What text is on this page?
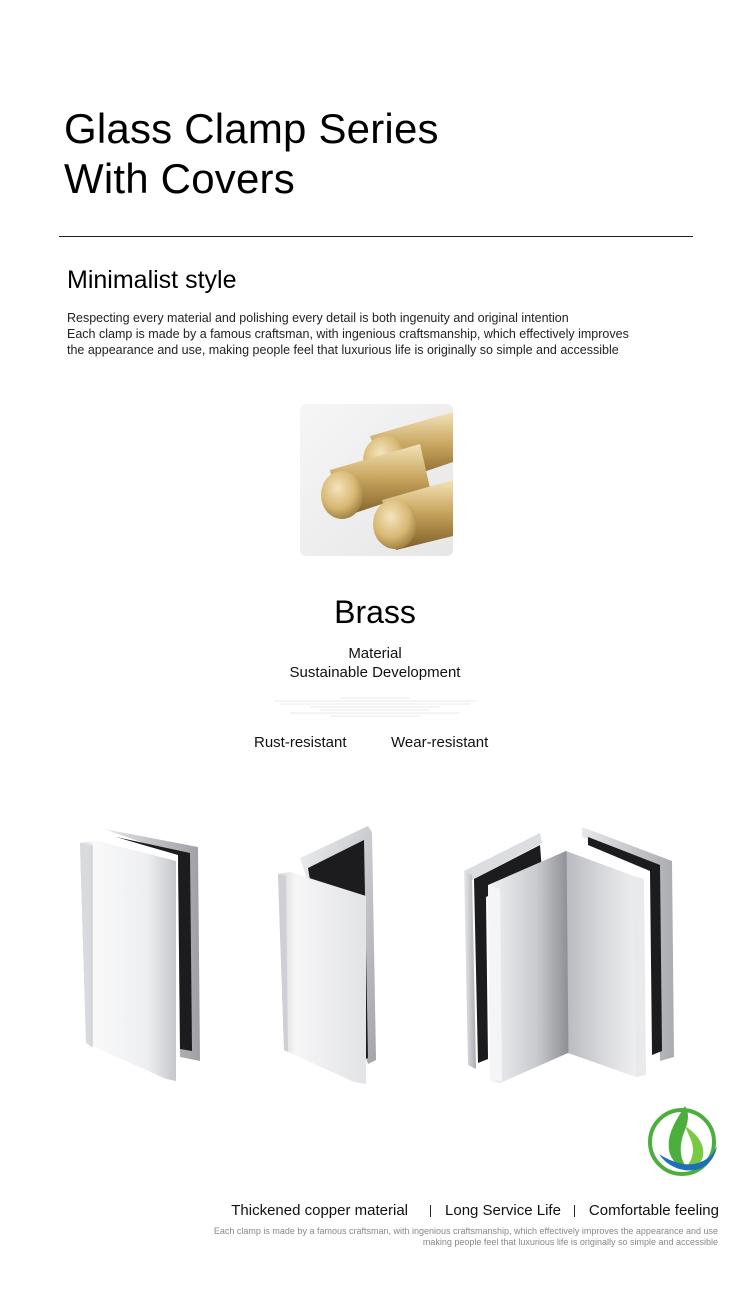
Glass Clamp Series
With Covers
Minimalist style
Respecting every material and polishing every detail is both ingenuity and original intention
Each clamp is made by a famous craftsman, with ingenious craftsmanship, which effectively improves
the appearance and use, making people feel that luxurious life is originally so simple and accessible
Brass
Material
Sustainable Development
Rust-resistant	Wear-resistant
Thickened copper material Long Service Life Comfortable feeling
Each clamp is made by a famous craftsman, with ingenious craftsmanship, which effectively improves the appearance and use
making people feel that luxurious life is originally so simple and accessible
